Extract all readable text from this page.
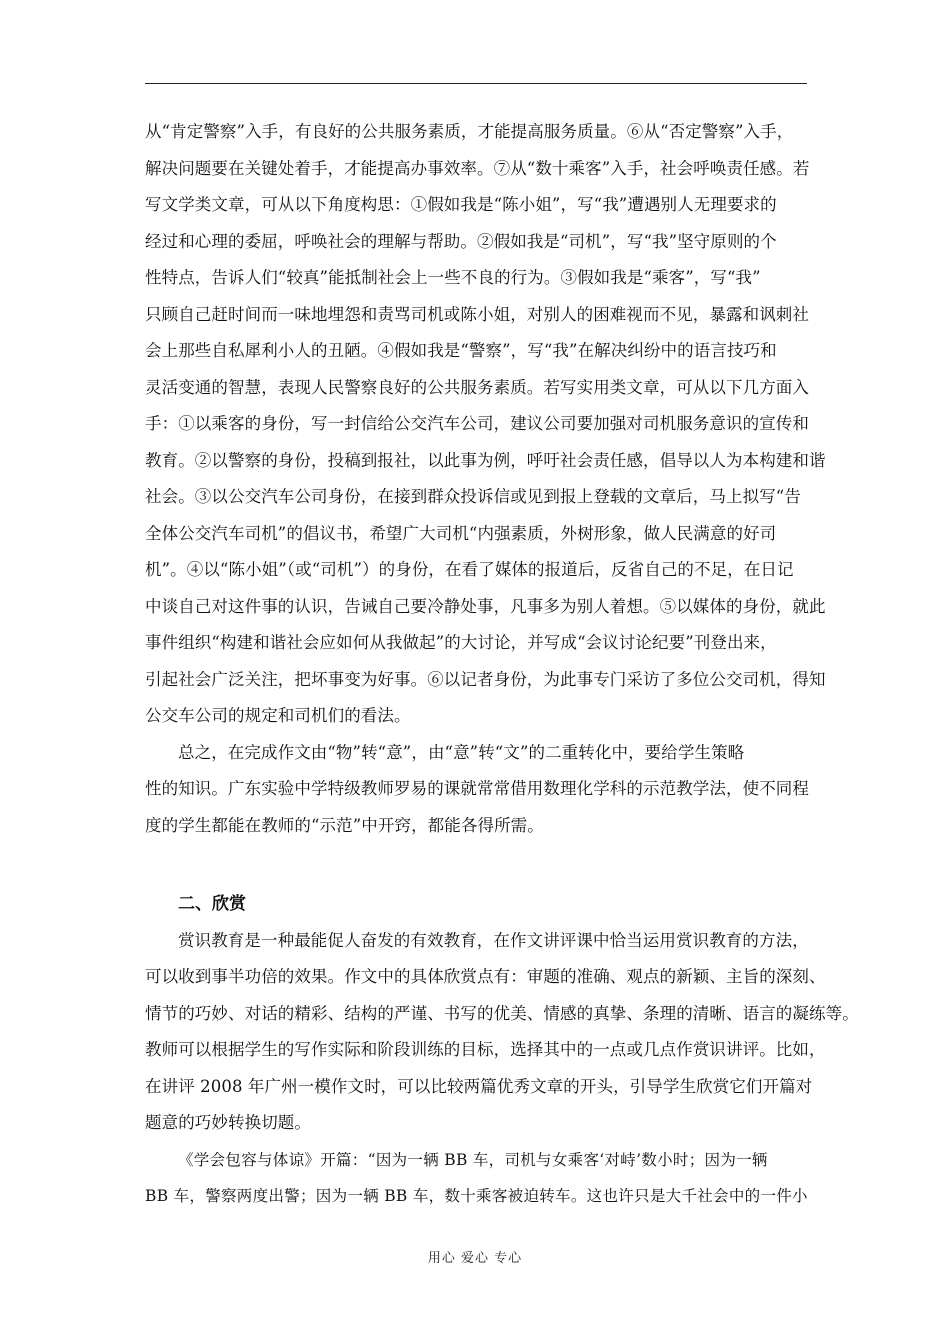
从“肯定警察”入手，有良好的公共服务素质，才能提高服务质量。⑥从“否定警察”入手，
解决问题要在关键处着手，才能提高办事效率。⑦从“数十乘客”入手，社会呼唤责任感。若
写文学类文章，可从以下角度构思：①假如我是“陈小姐”，写“我”遭遇别人无理要求的
经过和心理的委屈，呼唤社会的理解与帮助。②假如我是“司机”，写“我”坚守原则的个
性特点，告诉人们“较真”能抵制社会上一些不良的行为。③假如我是“乘客”，写“我”
只顾自己赶时间而一味地埋怨和责骂司机或陈小姐，对别人的困难视而不见，暴露和讽刺社
会上那些自私犀利小人的丑陋。④假如我是“警察”，写“我”在解决纠纷中的语言技巧和
灵活变通的智慧，表现人民警察良好的公共服务素质。若写实用类文章，可从以下几方面入
手：①以乘客的身份，写一封信给公交汽车公司，建议公司要加强对司机服务意识的宣传和
教育。②以警察的身份，投稿到报社，以此事为例，呼吁社会责任感，倡导以人为本构建和谐
社会。③以公交汽车公司身份，在接到群众投诉信或见到报上登载的文章后，马上拟写“告
全体公交汽车司机”的倡议书，希望广大司机“内强素质，外树形象，做人民满意的好司
机”。④以“陈小姐”（或“司机”）的身份，在看了媒体的报道后，反省自己的不足，在日记
中谈自己对这件事的认识，告诫自己要冷静处事，凡事多为别人着想。⑤以媒体的身份，就此
事件组织“构建和谐社会应如何从我做起”的大讨论，并写成“会议讨论纪要”刊登出来，
引起社会广泛关注，把坏事变为好事。⑥以记者身份，为此事专门采访了多位公交司机，得知
公交车公司的规定和司机们的看法。
总之，在完成作文由“物”转“意”，由“意”转“文”的二重转化中，要给学生策略
性的知识。广东实验中学特级教师罗易的课就常常借用数理化学科的示范教学法，使不同程
度的学生都能在教师的“示范”中开窍，都能各得所需。
二、欣赏
赏识教育是一种最能促人奋发的有效教育，在作文讲评课中恰当运用赏识教育的方法，
可以收到事半功倍的效果。作文中的具体欣赏点有：审题的准确、观点的新颖、主旨的深刻、
情节的巧妙、对话的精彩、结构的严谨、书写的优美、情感的真挚、条理的清晰、语言的凝练等。
教师可以根据学生的写作实际和阶段训练的目标，选择其中的一点或几点作赏识讲评。比如，
在讲评 2008 年广州一模作文时，可以比较两篇优秀文章的开头，引导学生欣赏它们开篇对
题意的巧妙转换切题。
《学会包容与体谅》开篇：“因为一辆 BB 车，司机与女乘客‘对峙’数小时；因为一辆
BB 车，警察两度出警；因为一辆 BB 车，数十乘客被迫转车。这也许只是大千社会中的一件小
用心 爱心 专心
